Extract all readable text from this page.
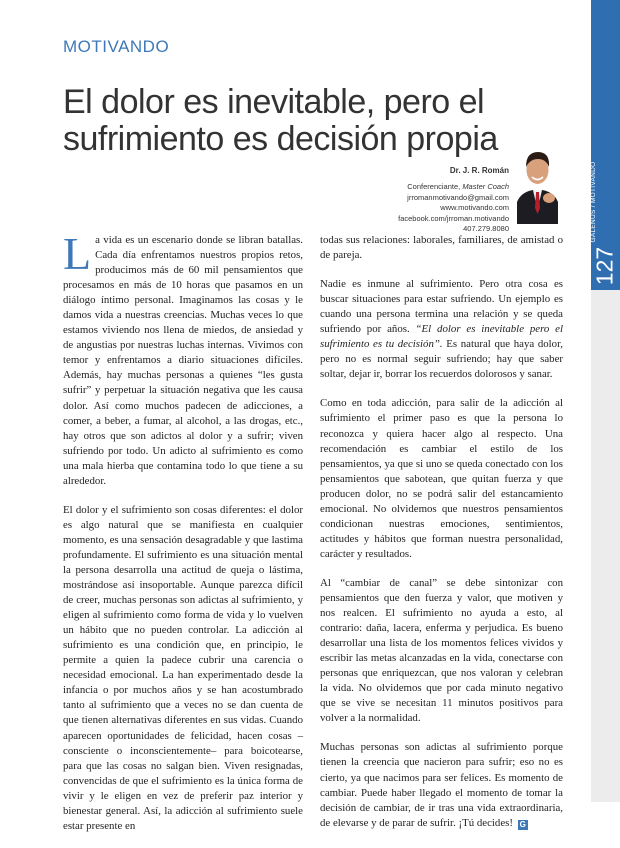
GALENUS / MOTIVANDO
127
MOTIVANDO
El dolor es inevitable, pero el
sufrimiento es decisión propia
Dr. J. R. Román
Conferenciante, Master Coach
jrromanmotivando@gmail.com
www.motivando.com
facebook.com/jrroman.motivando
407.279.8080

La vida es un escenario donde se libran batallas. Cada día enfrentamos nuestros propios retos, producimos más de 60 mil pensamientos que procesamos en más de 10 horas que pasamos en un diálogo íntimo personal. Imaginamos las cosas y le damos vida a nuestras creencias. Muchas veces lo que estamos viviendo nos llena de miedos, de ansiedad y de angustias por nuestras luchas internas. Vivimos con temor y enfrentamos a diario situaciones difíciles. Además, hay muchas personas a quienes “les gusta sufrir” y perpetuar la situación negativa que les causa dolor. Así como muchos padecen de adicciones, a comer, a beber, a fumar, al alcohol, a las drogas, etc., hay otros que son adictos al dolor y a sufrir; viven sufriendo por todo. Un adicto al sufrimiento es como una mala hierba que contamina todo lo que tiene a su alrededor.

El dolor y el sufrimiento son cosas diferentes: el dolor es algo natural que se manifiesta en cualquier momento, es una sensación desagradable y que lastima profundamente. El sufrimiento es una situación mental la persona desarrolla una actitud de queja o lástima, mostrándose así insoportable. Aunque parezca difícil de creer, muchas personas son adictas al sufrimiento, y eligen al sufrimiento como forma de vida y lo vuelven un hábito que no pueden controlar. La adicción al sufrimiento es una condición que, en principio, le permite a quien la padece cubrir una carencia o necesidad emocional. La han experimentado desde la infancia o por muchos años y se han acostumbrado tanto al sufrimiento que a veces no se dan cuenta de que tienen alternativas diferentes en sus vidas. Cuando aparecen oportunidades de felicidad, hacen cosas –consciente o inconscientemente– para boicotearse, para que las cosas no salgan bien. Viven resignadas, convencidas de que el sufrimiento es la única forma de vivir y le eligen en vez de preferir paz interior y bienestar general. Así, la adicción al sufrimiento suele estar presente en

todas sus relaciones: laborales, familiares, de amistad o de pareja.

Nadie es inmune al sufrimiento. Pero otra cosa es buscar situaciones para estar sufriendo. Un ejemplo es cuando una persona termina una relación y se queda sufriendo por años. “El dolor es inevitable pero el sufrimiento es tu decisión”. Es natural que haya dolor, pero no es normal seguir sufriendo; hay que saber soltar, dejar ir, borrar los recuerdos dolorosos y sanar.

Como en toda adicción, para salir de la adicción al sufrimiento el primer paso es que la persona lo reconozca y quiera hacer algo al respecto. Una recomendación es cambiar el estilo de los pensamientos, ya que si uno se queda conectado con los pensamientos que sabotean, que quitan fuerza y que producen dolor, no se podrá salir del estancamiento emocional. No olvidemos que nuestros pensamientos condicionan nuestras emociones, sentimientos, actitudes y hábitos que forman nuestra personalidad, carácter y resultados.

Al “cambiar de canal” se debe sintonizar con pensamientos que den fuerza y valor, que motiven y nos realcen. El sufrimiento no ayuda a esto, al contrario: daña, lacera, enferma y perjudica. Es bueno desarrollar una lista de los momentos felices vividos y escribir las metas alcanzadas en la vida, conectarse con personas que enriquezcan, que nos valoran y celebran la vida. No olvidemos que por cada minuto negativo que se vive se necesitan 11 minutos positivos para volver a la normalidad.

Muchas personas son adictas al sufrimiento porque tienen la creencia que nacieron para sufrir; eso no es cierto, ya que nacimos para ser felices. Es momento de cambiar. Puede haber llegado el momento de tomar la decisión de cambiar, de ir tras una vida extraordinaria, de elevarse y de parar de sufrir. ¡Tú decides! G
